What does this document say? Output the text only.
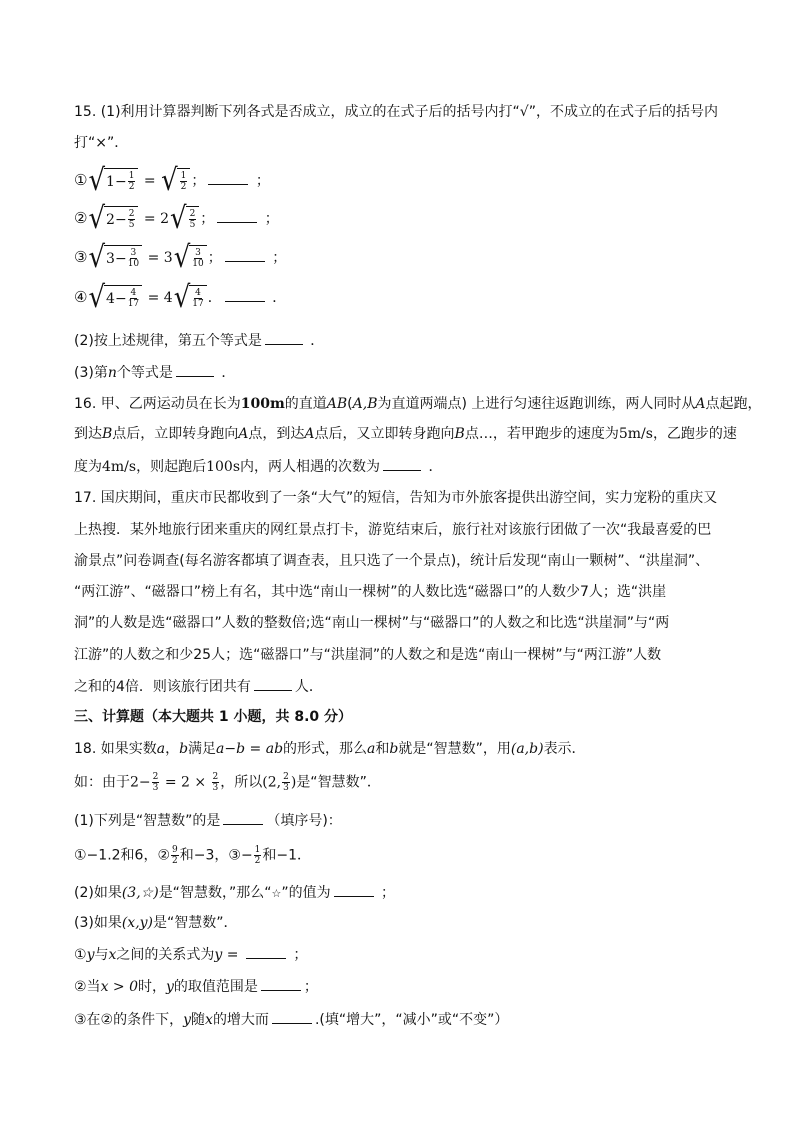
15. (1)利用计算器判断下列各式是否成立，成立的在式子后的括号内打“√”，不成立的在式子后的括号内
打“×”．
① √ $1 - \frac{1}{2}$ = √ $\frac{1}{2}$ ；	；
② √ $2 - \frac{2}{5} = 2$ √ $\frac{2}{5}$ ；	；
③ √ $3 - \frac{3}{10} = 3$ √ $\frac{3}{10}$ ；	；
④ √ $4 - \frac{4}{17} = 4$ √ $\frac{4}{17}$ ．	．
(2)按上述规律，第五个等式是	．
(3)第n个等式是	．
16. 甲、乙两运动员在长为100m的直道AB(A,B为直道两端点) 上进行匀速往返跑训练，两人同时从A点起跑，
到达B点后，立即转身跑向A点，到达A点后，又立即转身跑向B点…，若甲跑步的速度为5m/s，乙跑步的速
度为4m/s，则起跑后100s内，两人相遇的次数为	．
17. 国庆期间，重庆市民都收到了一条“大气”的短信，告知为市外旅客提供出游空间，实力宠粉的重庆又
上热搜．某外地旅行团来重庆的网红景点打卡，游览结束后，旅行社对该旅行团做了一次“我最喜爱的巴
渝景点”问卷调查(每名游客都填了调查表，且只选了一个景点)，统计后发现“南山一颗树”、“洪崖洞”、
“两江游”、“磁器口”榜上有名，其中选“南山一棵树”的人数比选“磁器口”的人数少7人；选“洪崖
洞”的人数是选“磁器口”人数的整数倍;选“南山一棵树”与“磁器口”的人数之和比选“洪崖洞”与“两
江游”的人数之和少25人；选“磁器口”与“洪崖洞”的人数之和是选“南山一棵树”与“两江游”人数
之和的4倍．则该旅行团共有	人．
三、计算题（本大题共 1 小题，共 8.0 分）
18. 如果实数a，b满足a−b = ab的形式，那么a和b就是“智慧数”，用(a,b)表示．
如：由于$2- \frac{2}{3} = 2 \times \frac{2}{3}$ ，所以(2, $\frac{2}{3}$ )是“智慧数”．
(1)下列是“智慧数”的是	（填序号)：
①−1.2和6，② $\frac{9}{2}$ 和−3，③− $\frac{1}{2}$ 和−1．
(2)如果(3,☆)是“智慧数，”那么“☆”的值为	；
(3)如果(x,y)是“智慧数”．
①y与x之间的关系式为y =	；
②当x > 0时，y的取值范围是	；
③在②的条件下，y随x的增大而	.(填“增大”，“减小”或“不变”）
